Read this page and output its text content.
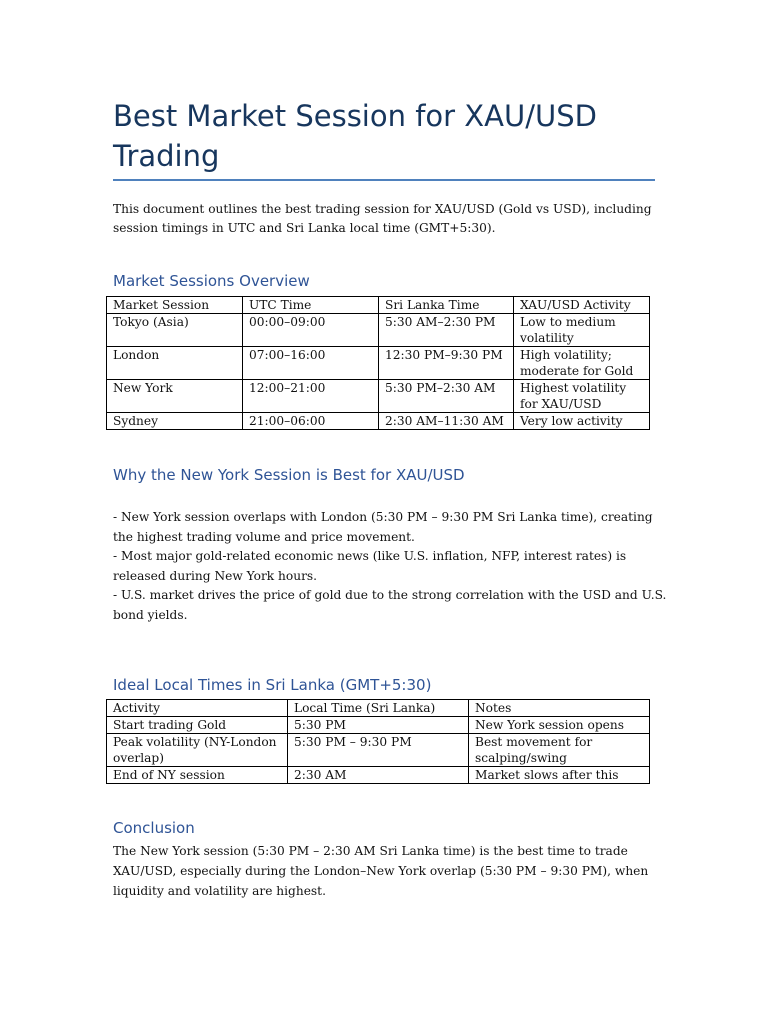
Best Market Session for XAU/USD Trading

This document outlines the best trading session for XAU/USD (Gold vs USD), including session timings in UTC and Sri Lanka local time (GMT+5:30).

Market Sessions Overview
Market Session	UTC Time	Sri Lanka Time	XAU/USD Activity
Tokyo (Asia)	00:00–09:00	5:30 AM–2:30 PM	Low to medium volatility
London	07:00–16:00	12:30 PM–9:30 PM	High volatility; moderate for Gold
New York	12:00–21:00	5:30 PM–2:30 AM	Highest volatility for XAU/USD
Sydney	21:00–06:00	2:30 AM–11:30 AM	Very low activity
Why the New York Session is Best for XAU/USD

- New York session overlaps with London (5:30 PM – 9:30 PM Sri Lanka time), creating the highest trading volume and price movement.

- Most major gold-related economic news (like U.S. inflation, NFP, interest rates) is released during New York hours.

- U.S. market drives the price of gold due to the strong correlation with the USD and U.S. bond yields.

Ideal Local Times in Sri Lanka (GMT+5:30)
Activity	Local Time (Sri Lanka)	Notes
Start trading Gold	5:30 PM	New York session opens
Peak volatility (NY-London overlap)	5:30 PM – 9:30 PM	Best movement for scalping/swing
End of NY session	2:30 AM	Market slows after this
Conclusion

The New York session (5:30 PM – 2:30 AM Sri Lanka time) is the best time to trade XAU/USD, especially during the London–New York overlap (5:30 PM – 9:30 PM), when liquidity and volatility are highest.
